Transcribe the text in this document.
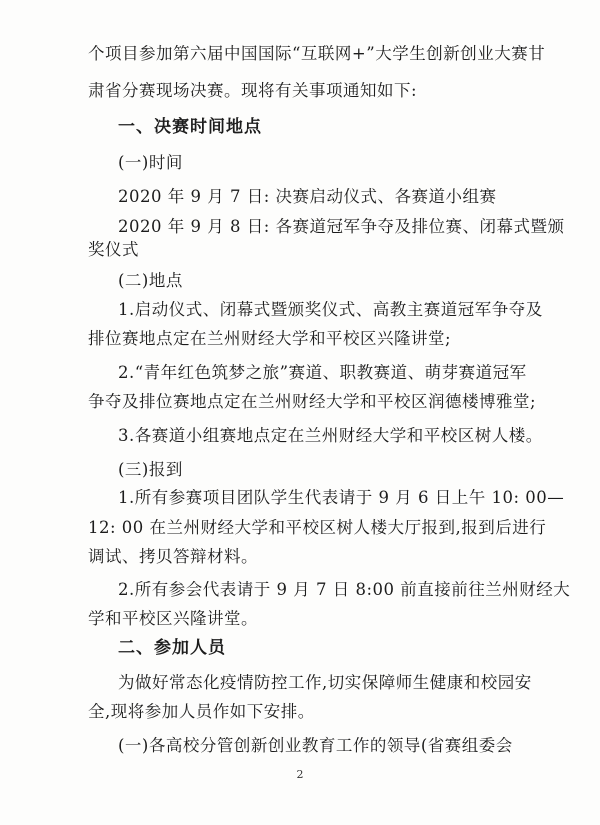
个项目参加第六届中国国际“互联网+”大学生创新创业大赛甘
肃省分赛现场决赛。现将有关事项通知如下:
一、决赛时间地点
(一)时间
2020 年 9 月 7 日: 决赛启动仪式、各赛道小组赛
2020 年 9 月 8 日: 各赛道冠军争夺及排位赛、闭幕式暨颁
奖仪式
(二)地点
1.启动仪式、闭幕式暨颁奖仪式、高教主赛道冠军争夺及
排位赛地点定在兰州财经大学和平校区兴隆讲堂;
2.“青年红色筑梦之旅”赛道、职教赛道、萌芽赛道冠军
争夺及排位赛地点定在兰州财经大学和平校区润德楼博雅堂;
3.各赛道小组赛地点定在兰州财经大学和平校区树人楼。
(三)报到
1.所有参赛项目团队学生代表请于 9 月 6 日上午 10: 00—
12: 00 在兰州财经大学和平校区树人楼大厅报到,报到后进行
调试、拷贝答辩材料。
2.所有参会代表请于 9 月 7 日 8:00 前直接前往兰州财经大
学和平校区兴隆讲堂。
二、参加人员
为做好常态化疫情防控工作,切实保障师生健康和校园安
全,现将参加人员作如下安排。
(一)各高校分管创新创业教育工作的领导(省赛组委会
2
